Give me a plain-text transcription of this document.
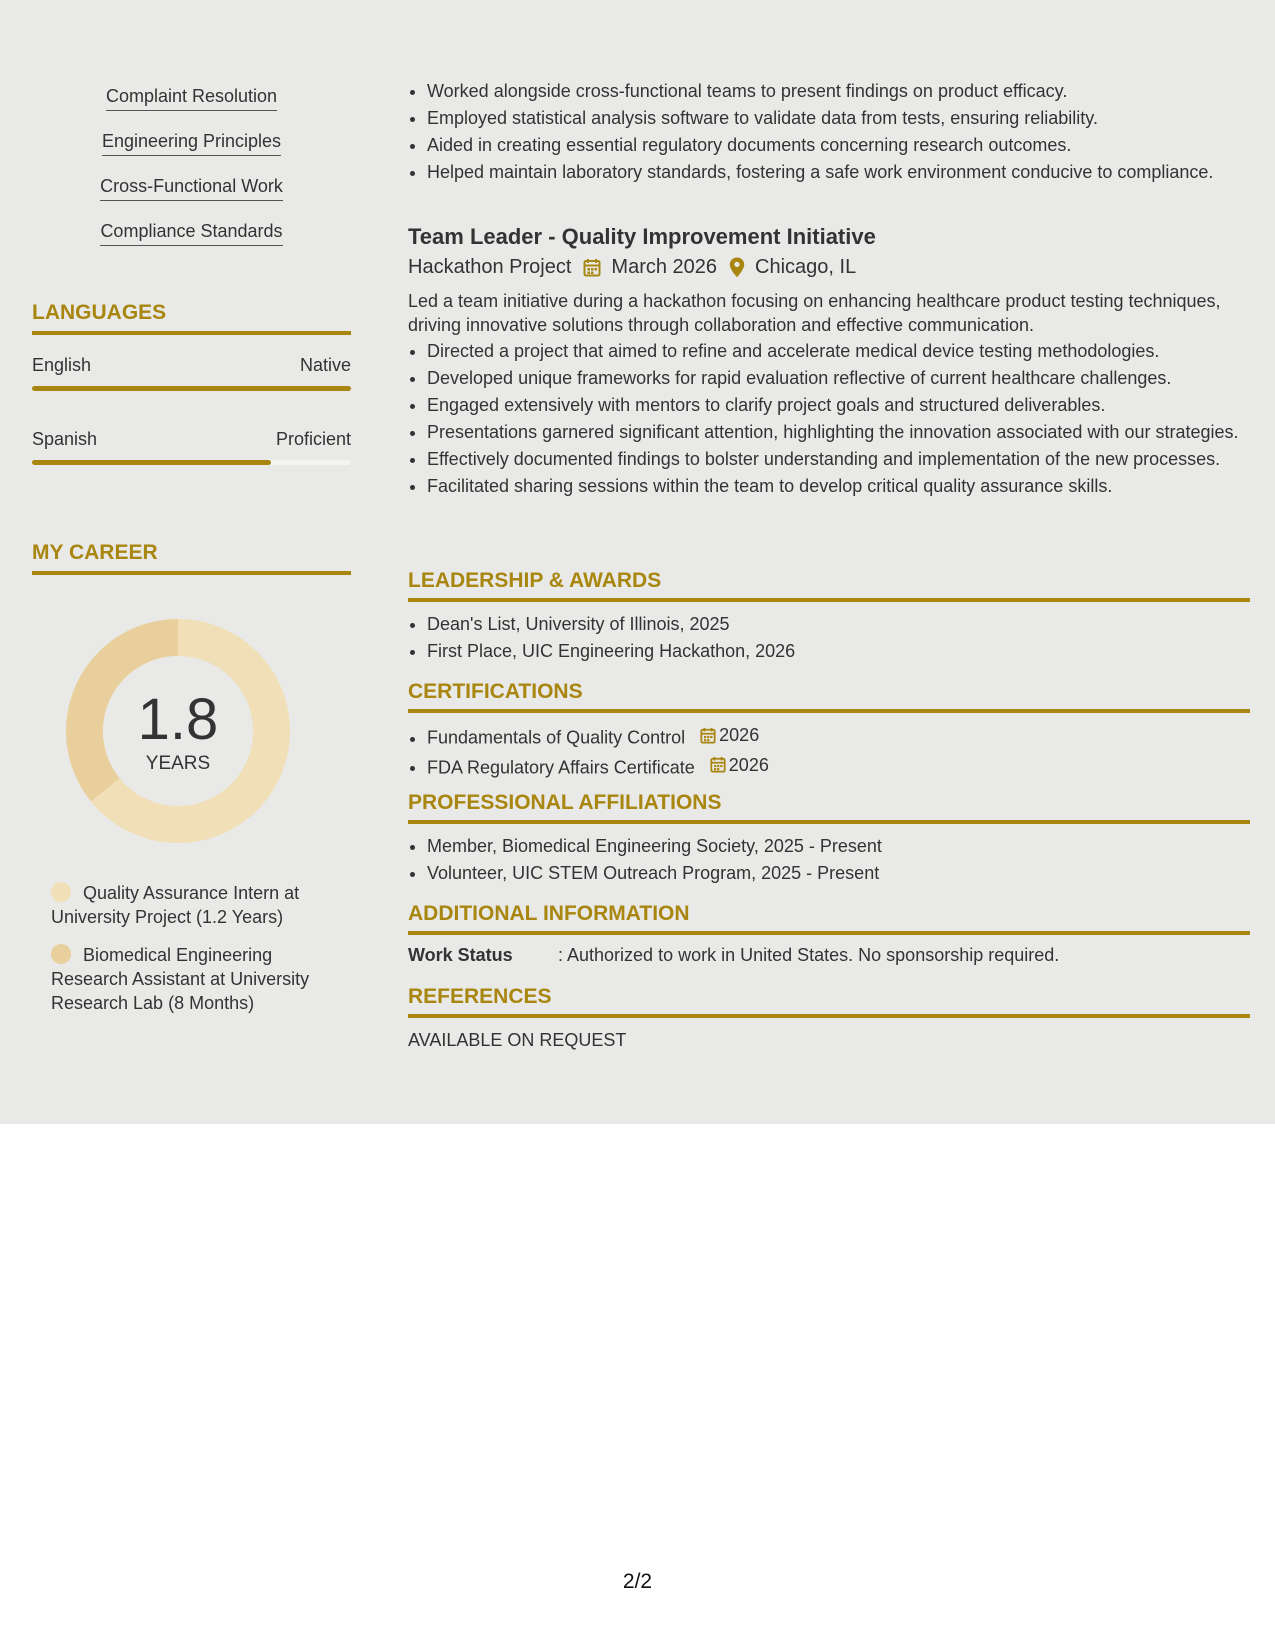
Complaint Resolution
Engineering Principles
Cross-Functional Work
Compliance Standards
LANGUAGES
English	Native
Spanish	Proficient
MY CAREER
1.8
YEARS
Quality Assurance Intern at University Project (1.2 Years)
Biomedical Engineering Research Assistant at University Research Lab (8 Months)
• Worked alongside cross-functional teams to present findings on product efficacy.
• Employed statistical analysis software to validate data from tests, ensuring reliability.
• Aided in creating essential regulatory documents concerning research outcomes.
• Helped maintain laboratory standards, fostering a safe work environment conducive to compliance.
Team Leader - Quality Improvement Initiative
Hackathon Project March 2026 Chicago, IL
Led a team initiative during a hackathon focusing on enhancing healthcare product testing techniques, driving innovative solutions through collaboration and effective communication.
• Directed a project that aimed to refine and accelerate medical device testing methodologies.
• Developed unique frameworks for rapid evaluation reflective of current healthcare challenges.
• Engaged extensively with mentors to clarify project goals and structured deliverables.
• Presentations garnered significant attention, highlighting the innovation associated with our strategies.
• Effectively documented findings to bolster understanding and implementation of the new processes.
• Facilitated sharing sessions within the team to develop critical quality assurance skills.
LEADERSHIP & AWARDS
• Dean's List, University of Illinois, 2025
• First Place, UIC Engineering Hackathon, 2026
CERTIFICATIONS
• Fundamentals of Quality Control 2026
• FDA Regulatory Affairs Certificate 2026
PROFESSIONAL AFFILIATIONS
• Member, Biomedical Engineering Society, 2025 - Present
• Volunteer, UIC STEM Outreach Program, 2025 - Present
ADDITIONAL INFORMATION
Work Status	: Authorized to work in United States. No sponsorship required.
REFERENCES
AVAILABLE ON REQUEST
2/2
